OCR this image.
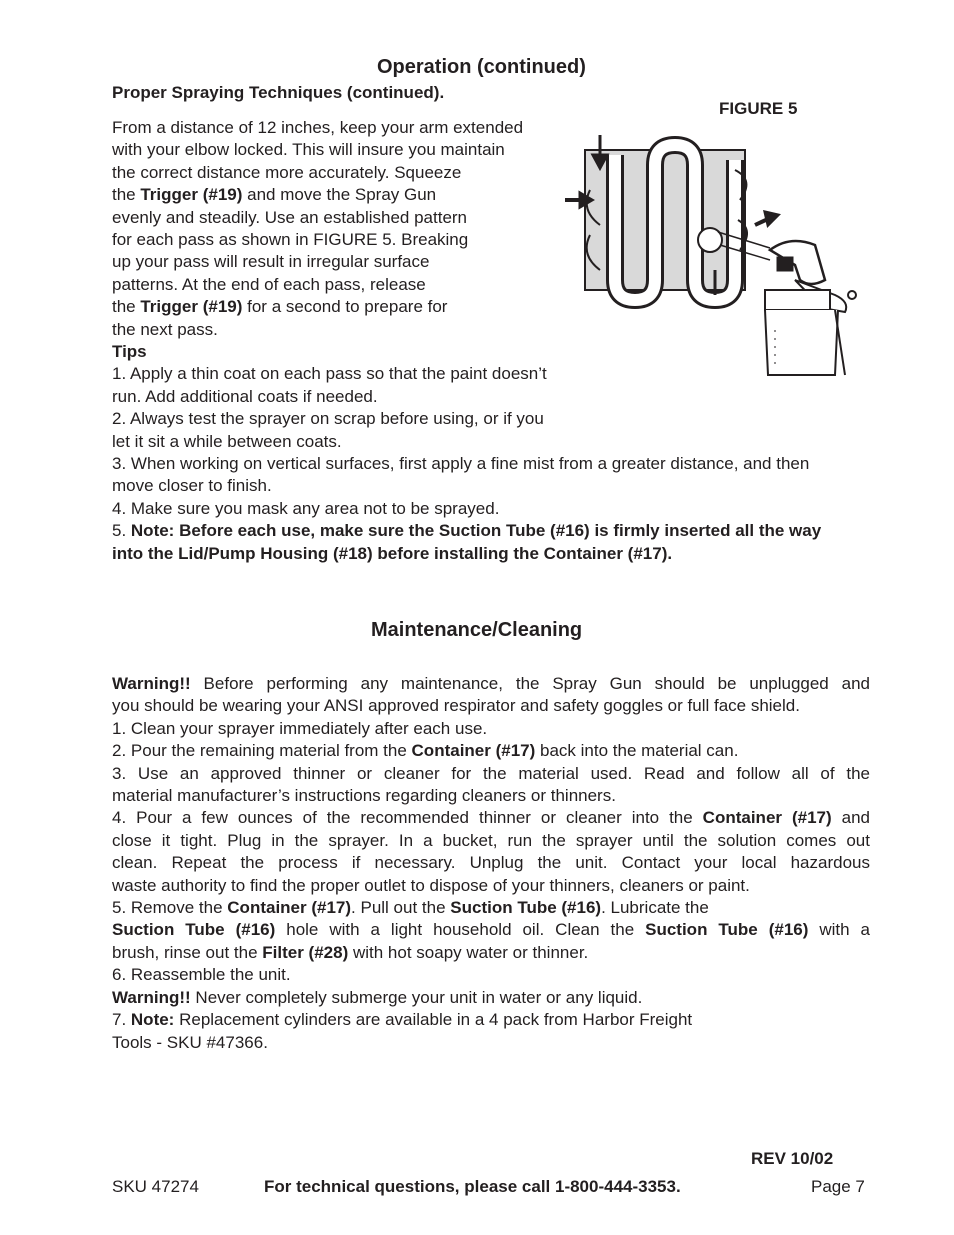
Operation (continued)
Proper Spraying Techniques (continued).
FIGURE 5
From a distance of 12 inches, keep your arm extended
with your elbow locked. This will insure you maintain
the correct distance more accurately. Squeeze
the Trigger (#19) and move the Spray Gun
evenly and steadily. Use an established pattern
for each pass as shown in FIGURE 5. Breaking
up your pass will result in irregular surface
patterns. At the end of each pass, release
the Trigger (#19) for a second to prepare for
the next pass.
Tips
1. Apply a thin coat on each pass so that the paint doesn’t
run. Add additional coats if needed.
2. Always test the sprayer on scrap before using, or if you
let it sit a while between coats.
3. When working on vertical surfaces, first apply a fine mist from a greater distance, and then
move closer to finish.
4. Make sure you mask any area not to be sprayed.
5. Note: Before each use, make sure the Suction Tube (#16) is firmly inserted all the way
into the Lid/Pump Housing (#18) before installing the Container (#17).
Maintenance/Cleaning
Warning!! Before performing any maintenance, the Spray Gun should be unplugged and
you should be wearing your ANSI approved respirator and safety goggles or full face shield.
1. Clean your sprayer immediately after each use.
2. Pour the remaining material from the Container (#17) back into the material can.
3. Use an approved thinner or cleaner for the material used. Read and follow all of the
material manufacturer’s instructions regarding cleaners or thinners.
4. Pour a few ounces of the recommended thinner or cleaner into the Container (#17) and
close it tight. Plug in the sprayer. In a bucket, run the sprayer until the solution comes out
clean. Repeat the process if necessary. Unplug the unit. Contact your local hazardous
waste authority to find the proper outlet to dispose of your thinners, cleaners or paint.
5. Remove the Container (#17). Pull out the Suction Tube (#16). Lubricate the
Suction Tube (#16) hole with a light household oil. Clean the Suction Tube (#16) with a
brush, rinse out the Filter (#28) with hot soapy water or thinner.
6. Reassemble the unit.
Warning!! Never completely submerge your unit in water or any liquid.
7. Note: Replacement cylinders are available in a 4 pack from Harbor Freight
Tools - SKU #47366.
REV 10/02
SKU 47274	For technical questions, please call 1-800-444-3353.	Page 7
